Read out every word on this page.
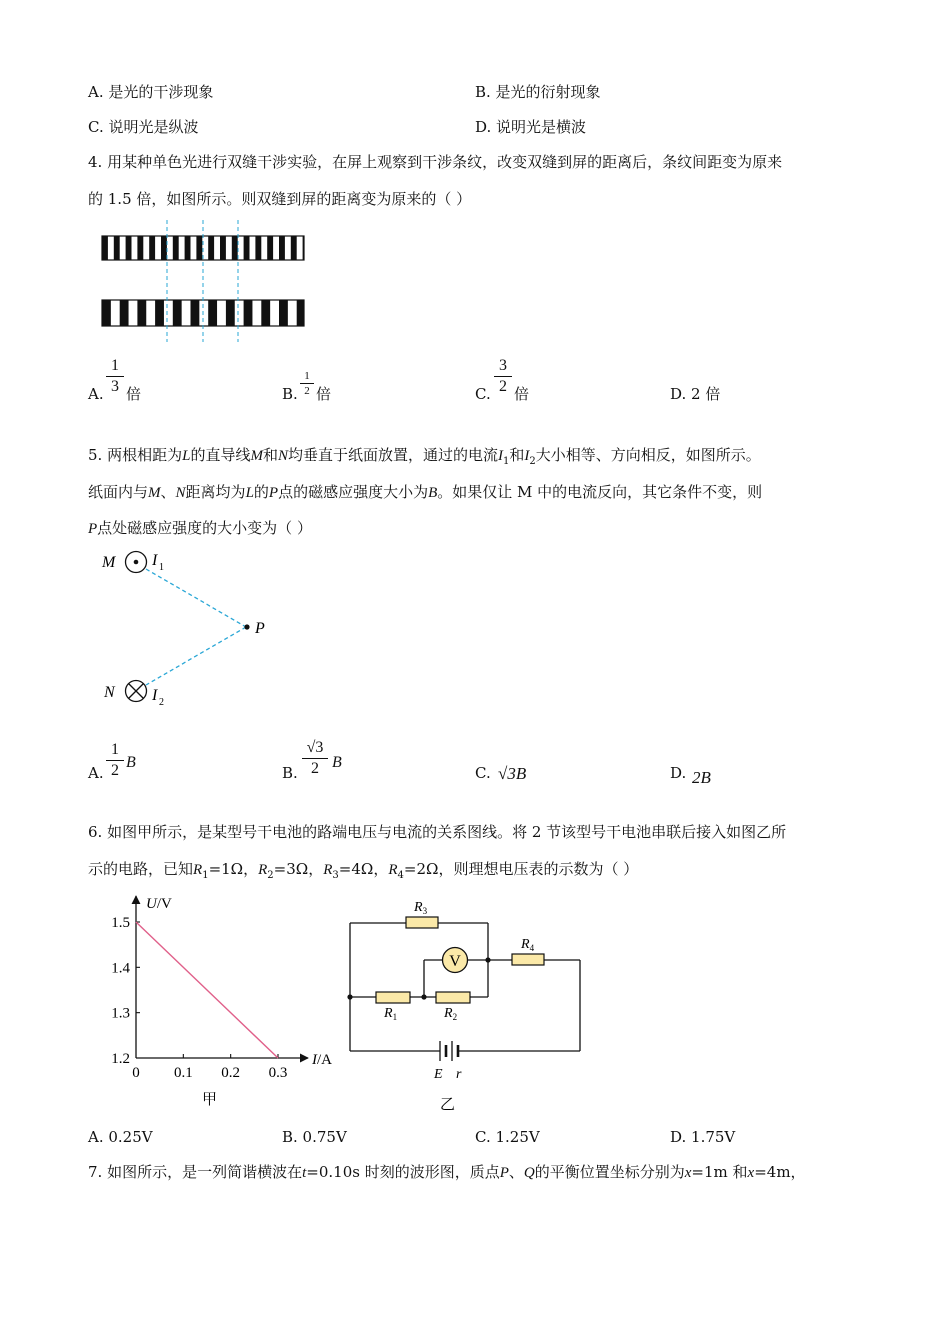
A. 是光的干涉现象	B. 是光的衍射现象
C. 说明光是纵波	D. 说明光是横波
4. 用某种单色光进行双缝干涉实验，在屏上观察到干涉条纹，改变双缝到屏的距离后，条纹间距变为原来
的 1.5 倍，如图所示。则双缝到屏的距离变为原来的（ ）
A.
1
3 倍	B.
1
2 倍	C.
3
2 倍	D. 2 倍
5. 两根相距为L的直导线M和N均垂直于纸面放置，通过的电流$I_1$和$I_2$大小相等、方向相反，如图所示。
纸面内与M、N距离均为L的P点的磁感应强度大小为B。如果仅让 M 中的电流反向，其它条件不变，则
P点处磁感应强度的大小变为（ ）
M I 1
P
N I 2
A.
1
2 B
B.
√3
2 B
C. √3B	D. 2B
6. 如图甲所示，是某型号干电池的路端电压与电流的关系图线。将 2 节该型号干电池串联后接入如图乙所
示的电路，已知$R_1=1\Omega$，$R_2=3\Omega$，$R_3=4\Omega$，$R_4=2\Omega$，则理想电压表的示数为（ ）
U/V
I/A
1.5
1.4
1.3
1.2
0 0.1 0.2 0.3
甲
V
$R_3$
$R_1$	$R_2$
$R_4$
E r
乙
A. 0.25V	B. 0.75V	C. 1.25V	D. 1.75V
7. 如图所示，是一列简谐横波在t=0.10s 时刻的波形图，质点P、Q的平衡位置坐标分别为x=1m 和x=4m，
